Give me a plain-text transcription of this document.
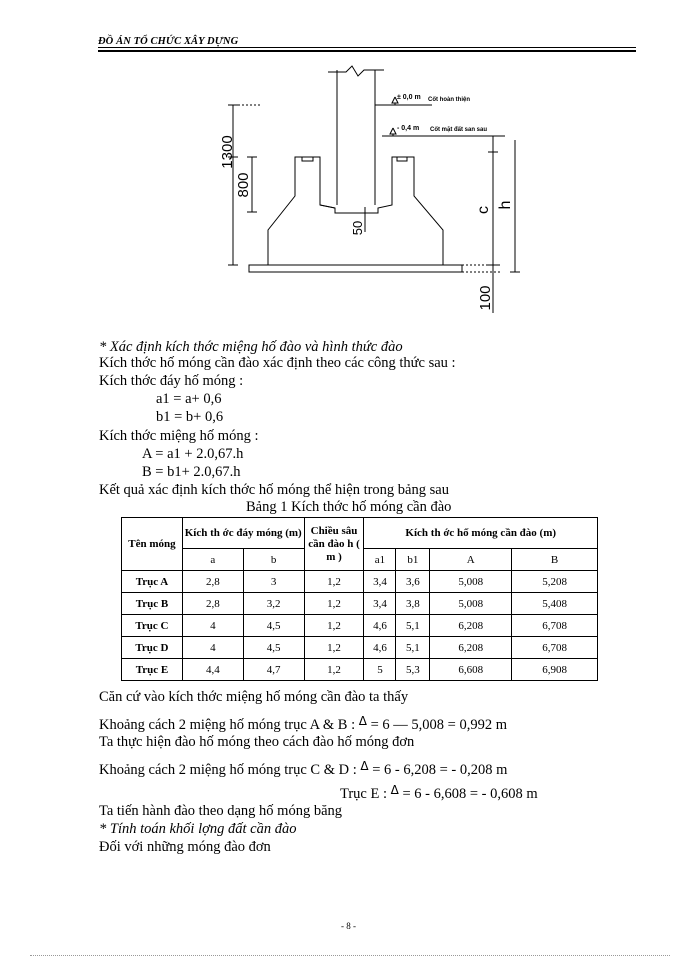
ĐỒ ÁN TỔ CHỨC XÂY DỰNG
1300
800
50
c
h
100
± 0,0 m Cốt hoàn thiện
- 0,4 m Cốt mặt đất san sau
* Xác định kích thớc miệng hố đào và hình thức đào
Kích thớc hố móng cần đào xác định theo các công thức sau :
Kích thớc đáy hố móng :
a1 = a+ 0,6
b1 = b+ 0,6
Kích thớc miệng hố móng :
A = a1 + 2.0,67.h
B = b1+ 2.0,67.h
Kết quả xác định kích thớc hố móng thể hiện trong bảng sau
Bảng 1 Kích thớc hố móng cần đào
Tên móng	Kích th ớc đáy móng (m)		Chiều sâu cần đào h ( m )	Kích th ớc hố móng cần đào (m)			
	a	b		a1	b1	A	B
Trục A	2,8	3	1,2	3,4	3,6	5,008	5,208
Trục B	2,8	3,2	1,2	3,4	3,8	5,008	5,408
Trục C	4	4,5	1,2	4,6	5,1	6,208	6,708
Trục D	4	4,5	1,2	4,6	5,1	6,208	6,708
Trục E	4,4	4,7	1,2	5	5,3	6,608	6,908
Căn cứ vào kích thớc miệng hố móng cần đào ta thấy
Khoảng cách 2 miệng hố móng trục A & B : $^\Delta$ = 6 — 5,008 = 0,992 m
Ta thực hiện đào hố móng theo cách đào hố móng đơn
Khoảng cách 2 miệng hố móng trục C & D : $^\Delta$ = 6 - 6,208 = - 0,208 m
Trục E : $^\Delta$ = 6 - 6,608 = - 0,608 m
Ta tiến hành đào theo dạng hố móng băng
* Tính toán khối lợng đất cần đào
Đối với những móng đào đơn
- 8 -
